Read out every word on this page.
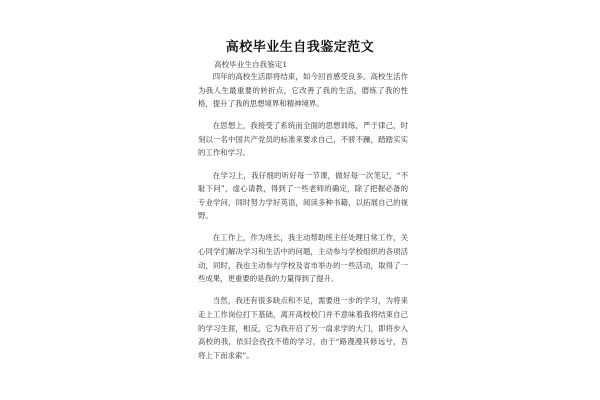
高校毕业生自我鉴定范文
高校毕业生自我鉴定1

四年的高校生活即将结束，如今回首感受良多。高校生活作为我人生最重要的转折点，它改善了我的生活，磨练了我的性格，提升了我的思想境界和精神境界。

在思想上，我接受了系统而全面的思想训练，严于律己，时刻以一名中国共产党员的标准来要求自己，不骄不躁，踏踏实实的工作和学习。

在学习上，我仔细的听好每一节课，做好每一次笔记，“不耻下问”，虚心请教，得到了一些老师的确定，除了把握必备的专业学问，同时努力学好英语，阅读多种书籍，以拓展自己的视野。

在工作上，作为班长，我主动帮助班主任处理日常工作，关心同学们解决学习和生活中的问题，主动参与学校组织的各项活动，同时，我也主动参与学校及省市举办的一些活动，取得了一些成果，更重要的是我的力量得到了提升。

当然，我还有很多缺点和不足，需要进一步的学习，为将来走上工作岗位打下基础，离开高校校门并不意味着我将结束自己的学习生涯，相反，它为我开启了另一扇求学的大门，即将步入高校的我，依旧会孜孜不倦的学习，由于“路漫漫其修远兮，吾将上下而求索”。
